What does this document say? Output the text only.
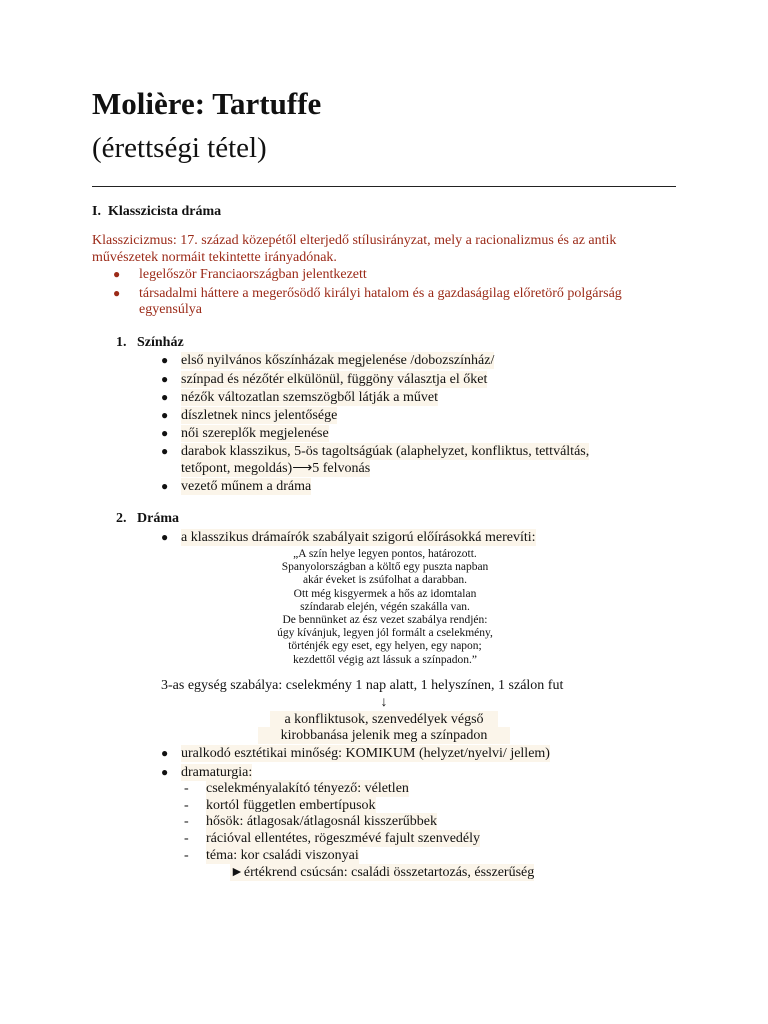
Molière: Tartuffe
(érettségi tétel)
I. Klasszicista dráma
Klasszicizmus: 17. század közepétől elterjedő stílusirányzat, mely a racionalizmus és az antik
művészetek normáit tekintette irányadónak.
● legelőször Franciaországban jelentkezett
● társadalmi háttere a megerősödő királyi hatalom és a gazdaságilag előretörő polgárság
egyensúlya
1. Színház
● első nyilvános kőszínházak megjelenése /dobozszínház/
● színpad és nézőtér elkülönül, függöny választja el őket
● nézők változatlan szemszögből látják a művet
● díszletnek nincs jelentősége
● női szereplők megjelenése
● darabok klasszikus, 5-ös tagoltságúak (alaphelyzet, konfliktus, tettváltás,
tetőpont, megoldás)⟶5 felvonás
● vezető műnem a dráma
2. Dráma
● a klasszikus drámaírók szabályait szigorú előírásokká merevíti:
„A szín helye legyen pontos, határozott.
Spanyolországban a költő egy puszta napban
akár éveket is zsúfolhat a darabban.
Ott még kisgyermek a hős az idomtalan
színdarab elején, végén szakálla van.
De bennünket az ész vezet szabálya rendjén:
úgy kívánjuk, legyen jól formált a cselekmény,
történjék egy eset, egy helyen, egy napon;
kezdettől végig azt lássuk a színpadon.”
3-as egység szabálya: cselekmény 1 nap alatt, 1 helyszínen, 1 szálon fut
↓
a konfliktusok, szenvedélyek végső
kirobbanása jelenik meg a színpadon
● uralkodó esztétikai minőség: KOMIKUM (helyzet/nyelvi/ jellem)
● dramaturgia:
- cselekményalakító tényező: véletlen
- kortól független embertípusok
- hősök: átlagosak/átlagosnál kisszerűbbek
- rációval ellentétes, rögeszmévé fajult szenvedély
- téma: kor családi viszonyai
►értékrend csúcsán: családi összetartozás, ésszerűség
